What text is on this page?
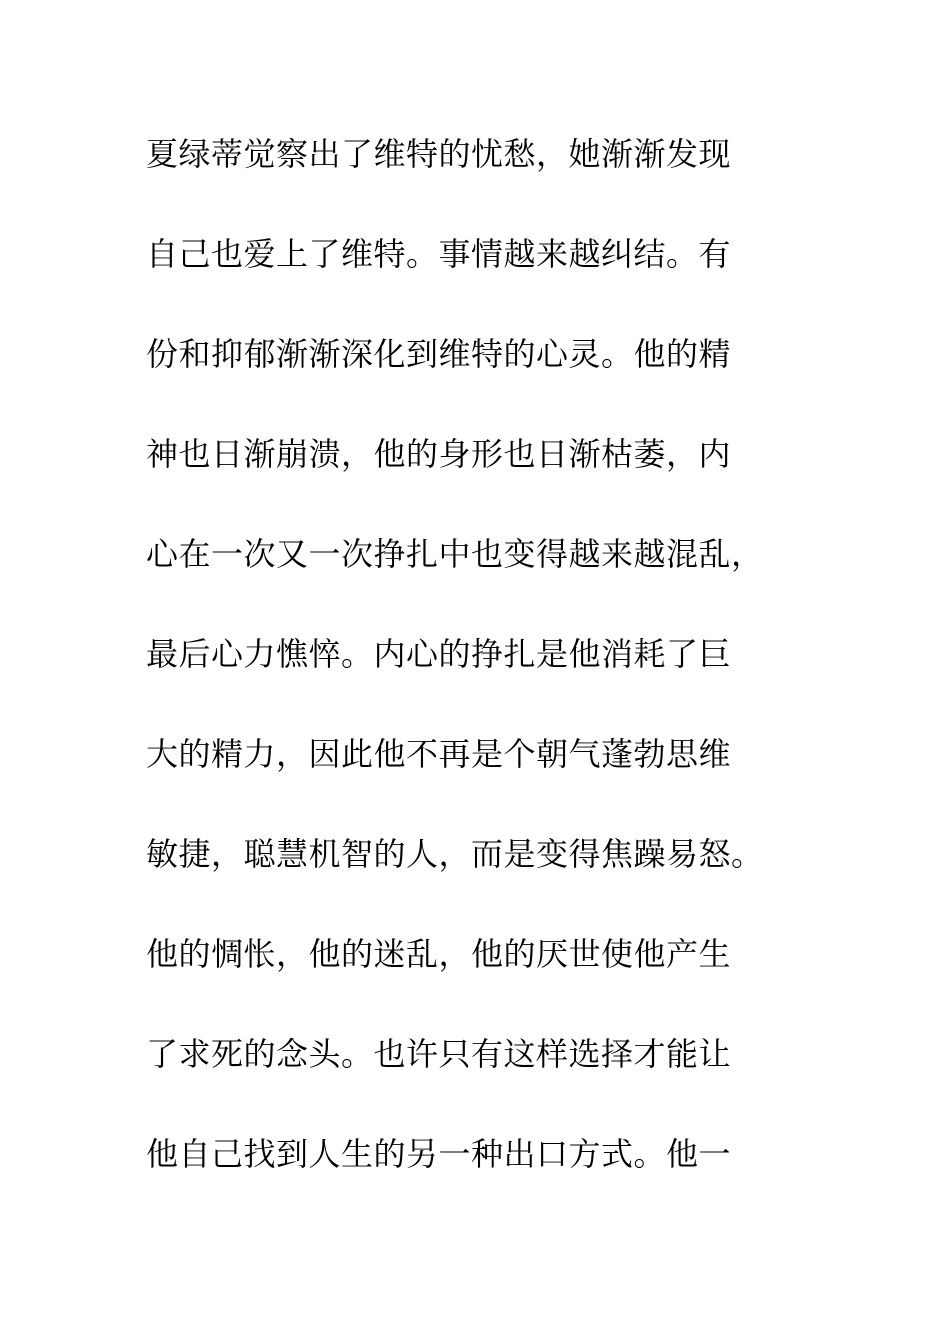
夏绿蒂觉察出了维特的忧愁，她渐渐发现
自己也爱上了维特。事情越来越纠结。有
份和抑郁渐渐深化到维特的心灵。他的精
神也日渐崩溃，他的身形也日渐枯萎，内
心在一次又一次挣扎中也变得越来越混乱，
最后心力憔悴。内心的挣扎是他消耗了巨
大的精力，因此他不再是个朝气蓬勃思维
敏捷，聪慧机智的人，而是变得焦躁易怒。
他的惆怅，他的迷乱，他的厌世使他产生
了求死的念头。也许只有这样选择才能让
他自己找到人生的另一种出口方式。他一
